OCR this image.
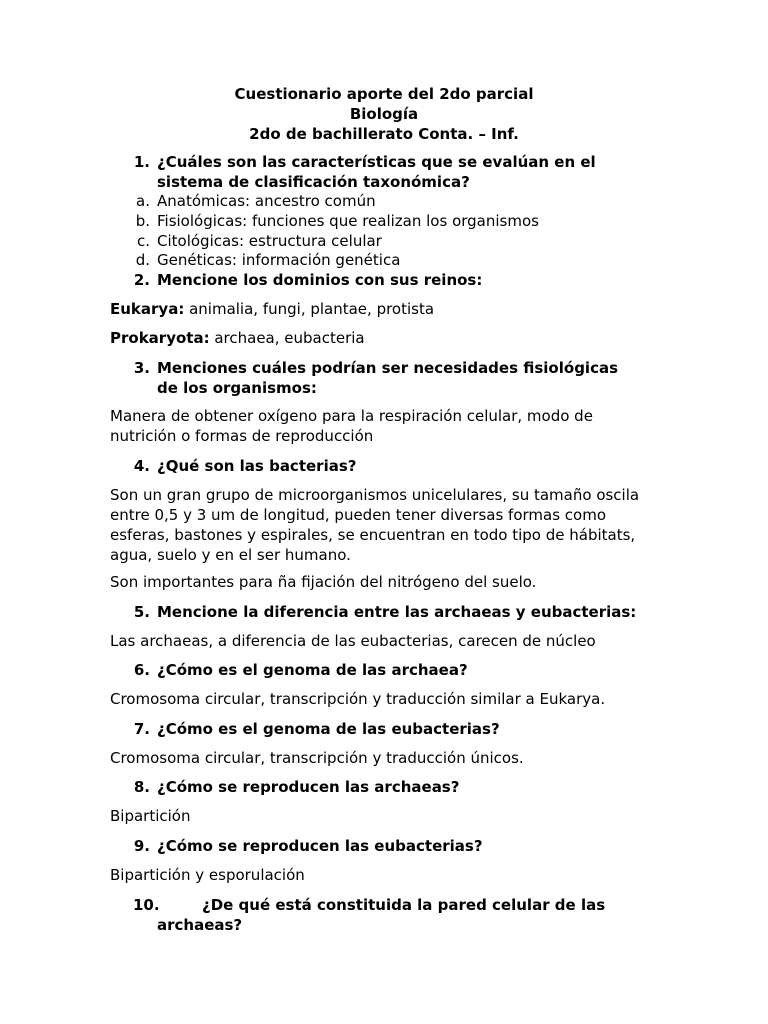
Cuestionario aporte del 2do parcial
Biología
2do de bachillerato Conta. – Inf.
1. ¿Cuáles son las características que se evalúan en el
sistema de clasificación taxonómica?
a. Anatómicas: ancestro común
b. Fisiológicas: funciones que realizan los organismos
c. Citológicas: estructura celular
d. Genéticas: información genética
2. Mencione los dominios con sus reinos:
Eukarya: animalia, fungi, plantae, protista
Prokaryota: archaea, eubacteria
3. Menciones cuáles podrían ser necesidades fisiológicas
de los organismos:
Manera de obtener oxígeno para la respiración celular, modo de
nutrición o formas de reproducción
4. ¿Qué son las bacterias?
Son un gran grupo de microorganismos unicelulares, su tamaño oscila
entre 0,5 y 3 um de longitud, pueden tener diversas formas como
esferas, bastones y espirales, se encuentran en todo tipo de hábitats,
agua, suelo y en el ser humano.
Son importantes para ña fijación del nitrógeno del suelo.
5. Mencione la diferencia entre las archaeas y eubacterias:
Las archaeas, a diferencia de las eubacterias, carecen de núcleo
6. ¿Cómo es el genoma de las archaea?
Cromosoma circular, transcripción y traducción similar a Eukarya.
7. ¿Cómo es el genoma de las eubacterias?
Cromosoma circular, transcripción y traducción únicos.
8. ¿Cómo se reproducen las archaeas?
Bipartición
9. ¿Cómo se reproducen las eubacterias?
Bipartición y esporulación
10.	¿De qué está constituida la pared celular de las
archaeas?
